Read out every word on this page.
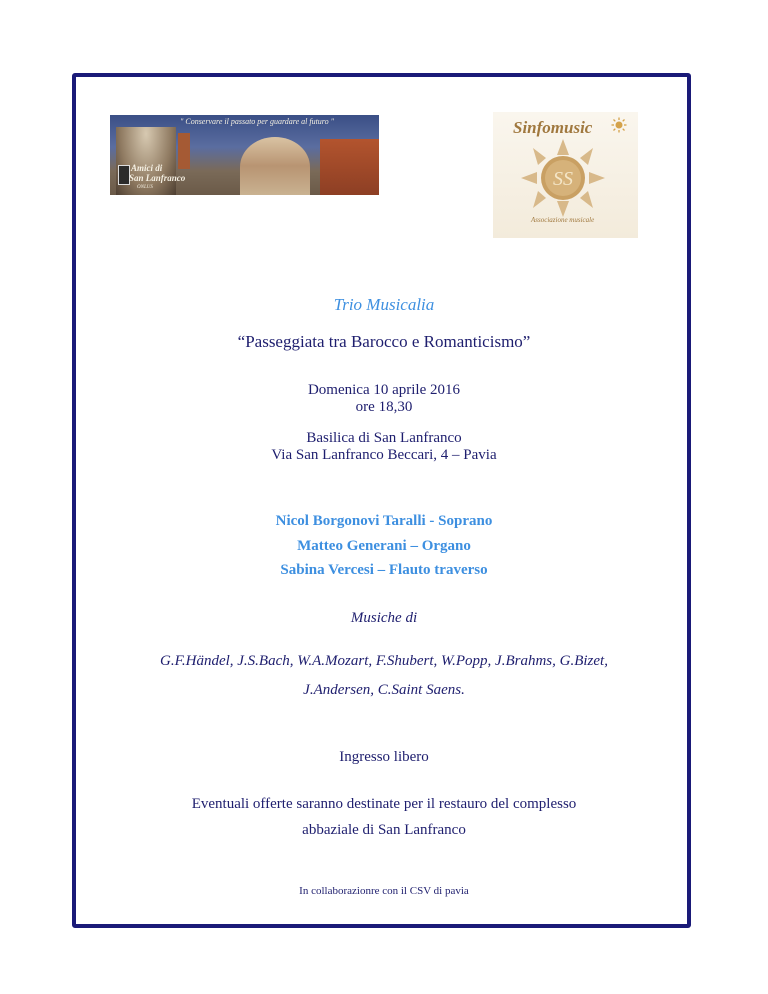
" Conservare il passato per guardare al futuro "
Amici di
San Lanfranco
ONLUS
Sinfomusic
SS
Associazione musicale
Trio Musicalia
“Passeggiata tra Barocco e Romanticismo”
Domenica 10 aprile 2016
ore 18,30
Basilica di San Lanfranco
Via San Lanfranco Beccari, 4 – Pavia
Nicol Borgonovi Taralli - Soprano
Matteo Generani – Organo
Sabina Vercesi – Flauto traverso
Musiche di
G.F.Händel, J.S.Bach, W.A.Mozart, F.Shubert, W.Popp, J.Brahms, G.Bizet,
J.Andersen, C.Saint Saens.
Ingresso libero
Eventuali offerte saranno destinate per il restauro del complesso
abbaziale di San Lanfranco
In collaborazionre con il CSV di pavia
